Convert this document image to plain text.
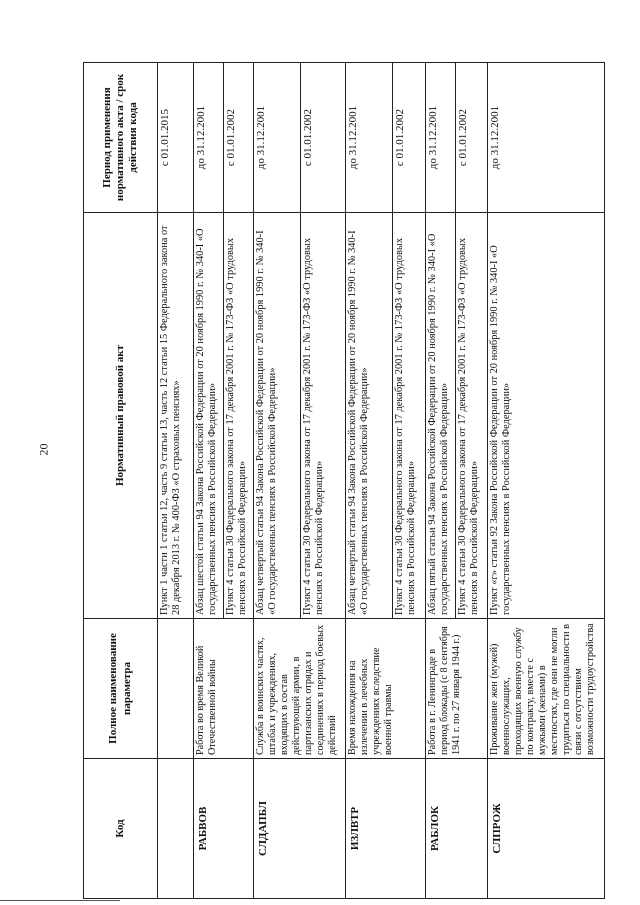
20
Код	Полное наименование параметра	Нормативный правовой акт	Период применения нормативного акта / срок действия кода
		Пункт 1 части 1 статьи 12, часть 9 статьи 13, часть 12 статьи 15 Федерального закона от 28 декабря 2013 г. № 400-ФЗ «О страховых пенсиях»	с 01.01.2015
РАБВОВ	Работа во время Великой Отечественной войны	Абзац шестой статьи 94 Закона Российской Федерации от 20 ноября 1990 г. № 340-I «О государственных пенсиях в Российской Федерации»	до 31.12.2001
		Пункт 4 статьи 30 Федерального закона от 17 декабря 2001 г. № 173-ФЗ «О трудовых пенсиях в Российской Федерации»	с 01.01.2002
СЛДАПБЛ	Служба в воинских частях, штабах и учреждениях, входящих в состав действующей армии, в партизанских отрядах и соединениях в период боевых действий	Абзац четвертый статьи 94 Закона Российской Федерации от 20 ноября 1990 г. № 340-I «О государственных пенсиях в Российской Федерации»	до 31.12.2001
		Пункт 4 статьи 30 Федерального закона от 17 декабря 2001 г. № 173-ФЗ «О трудовых пенсиях в Российской Федерации»	с 01.01.2002
ИЗЛВТР	Время нахождения на излечении в лечебных учреждениях вследствие военной травмы	Абзац четвертый статьи 94 Закона Российской Федерации от 20 ноября 1990 г. № 340-I «О государственных пенсиях в Российской Федерации»	до 31.12.2001
		Пункт 4 статьи 30 Федерального закона от 17 декабря 2001 г. № 173-ФЗ «О трудовых пенсиях в Российской Федерации»	с 01.01.2002
РАБЛОК	Работа в г. Ленинграде в период блокады (с 8 сентября 1941 г. по 27 января 1944 г.)	Абзац пятый статьи 94 Закона Российской Федерации от 20 ноября 1990 г. № 340-I «О государственных пенсиях в Российской Федерации»	до 31.12.2001
		Пункт 4 статьи 30 Федерального закона от 17 декабря 2001 г. № 173-ФЗ «О трудовых пенсиях в Российской Федерации»	с 01.01.2002
СЛПРОЖ	Проживание жен (мужей) военнослужащих, проходящих военную службу по контракту, вместе с мужьями (женами) в местностях, где они не могли трудиться по специальности в связи с отсутствием возможности трудоустройства	Пункт «г» статьи 92 Закона Российской Федерации от 20 ноября 1990 г. № 340-I «О государственных пенсиях в Российской Федерации»	до 31.12.2001
